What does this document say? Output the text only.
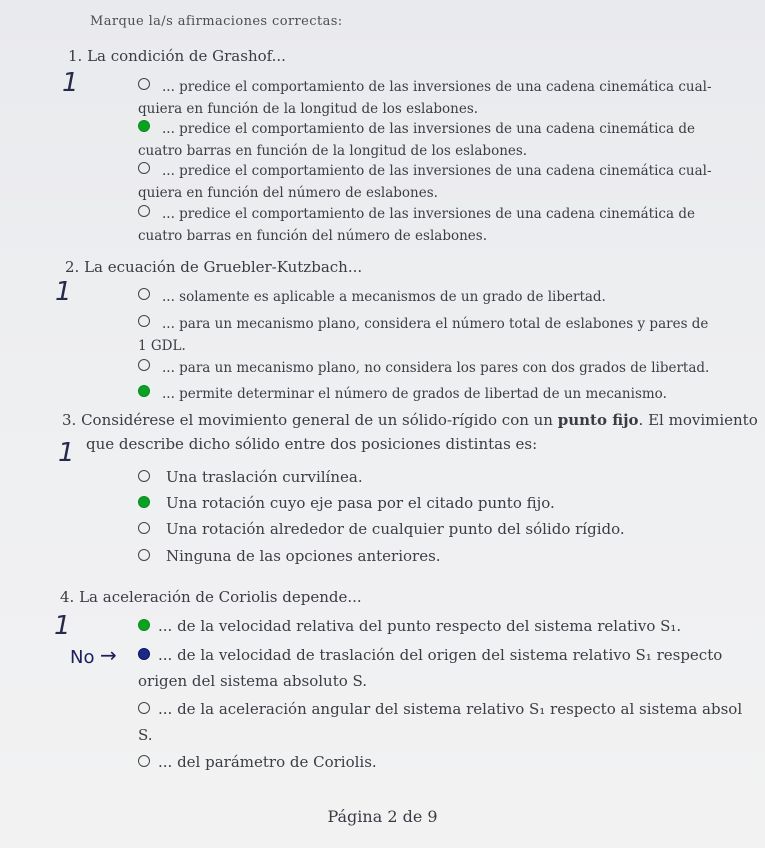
Marque la/s afirmaciones correctas:
1. La condición de Grashof...
1	... predice el comportamiento de las inversiones de una cadena cinemática cual-
quiera en función de la longitud de los eslabones.
... predice el comportamiento de las inversiones de una cadena cinemática de
cuatro barras en función de la longitud de los eslabones.
... predice el comportamiento de las inversiones de una cadena cinemática cual-
quiera en función del número de eslabones.
... predice el comportamiento de las inversiones de una cadena cinemática de
cuatro barras en función del número de eslabones.
2. La ecuación de Gruebler-Kutzbach...
1	... solamente es aplicable a mecanismos de un grado de libertad.
... para un mecanismo plano, considera el número total de eslabones y pares de
1 GDL.
... para un mecanismo plano, no considera los pares con dos grados de libertad.
... permite determinar el número de grados de libertad de un mecanismo.
3. Considérese el movimiento general de un sólido-rígido con un punto fijo. El movimiento
que describe dicho sólido entre dos posiciones distintas es:
1
Una traslación curvilínea.
Una rotación cuyo eje pasa por el citado punto fijo.
Una rotación alrededor de cualquier punto del sólido rígido.
Ninguna de las opciones anteriores.
4. La aceleración de Coriolis depende...
1	... de la velocidad relativa del punto respecto del sistema relativo S₁.
No →	... de la velocidad de traslación del origen del sistema relativo S₁ respecto
origen del sistema absoluto S.
... de la aceleración angular del sistema relativo S₁ respecto al sistema absol
S.
... del parámetro de Coriolis.
Página 2 de 9
